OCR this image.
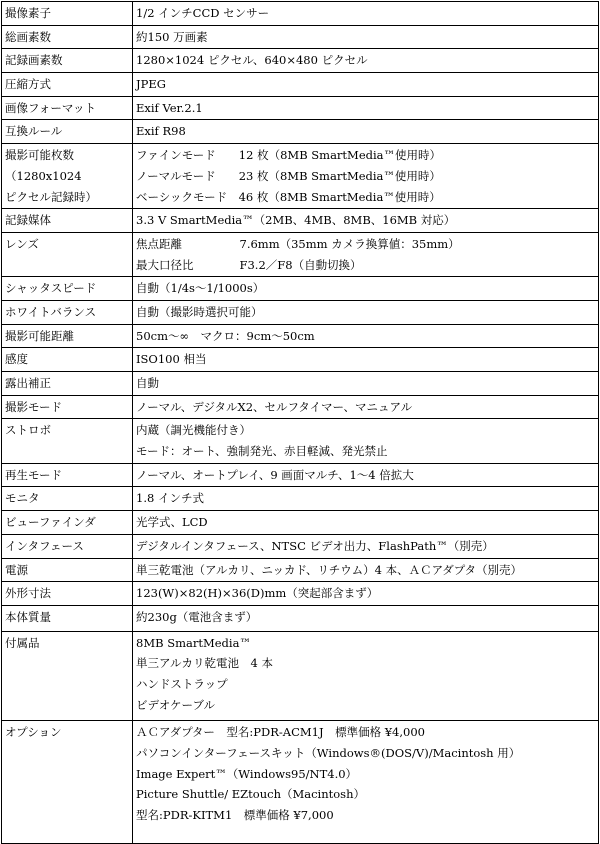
撮像素子	1/2 インチCCD センサー

総画素数	約150 万画素

記録画素数	1280×1024 ピクセル、640×480 ピクセル

圧縮方式	JPEG

画像フォーマット	Exif Ver.2.1

互換ルール	Exif R98

撮影可能枚数
（1280x1024
ピクセル記録時）	ファインモード　　12 枚（8MB SmartMedia™使用時）
ノーマルモード　　23 枚（8MB SmartMedia™使用時）
ベーシックモード　46 枚（8MB SmartMedia™使用時）

記録媒体	3.3 V SmartMedia™（2MB、4MB、8MB、16MB 対応）

レンズ	焦点距離　　　　　7.6mm（35mm カメラ換算値：35mm）
最大口径比　　　　F3.2／F8（自動切換）

シャッタスピード	自動（1/4s～1/1000s）

ホワイトバランス	自動（撮影時選択可能）

撮影可能距離	50cm～∞　マクロ：9cm～50cm

感度	ISO100 相当

露出補正	自動

撮影モード	ノーマル、デジタルX2、セルフタイマー、マニュアル

ストロボ	内蔵（調光機能付き）
モード：オート、強制発光、赤目軽減、発光禁止

再生モード	ノーマル、オートプレイ、9 画面マルチ、1～4 倍拡大

モニタ	1.8 インチ式

ビューファインダ	光学式、LCD

インタフェース	デジタルインタフェース、NTSC ビデオ出力、FlashPath™（別売）

電源	単三乾電池（アルカリ、ニッカド、リチウム）4 本、ＡＣアダプタ（別売）

外形寸法	123(W)×82(H)×36(D)mm（突起部含まず）

本体質量	約230g（電池含まず）

付属品	8MB SmartMedia™
単三アルカリ乾電池　4 本
ハンドストラップ
ビデオケーブル

オプション	ＡＣアダプター　型名:PDR-ACM1J　標準価格 ¥4,000
パソコンインターフェースキット（Windows®(DOS/V)/Macintosh 用）
Image Expert™（Windows95/NT4.0）
Picture Shuttle/ EZtouch（Macintosh）
型名:PDR-KITM1　標準価格 ¥7,000
